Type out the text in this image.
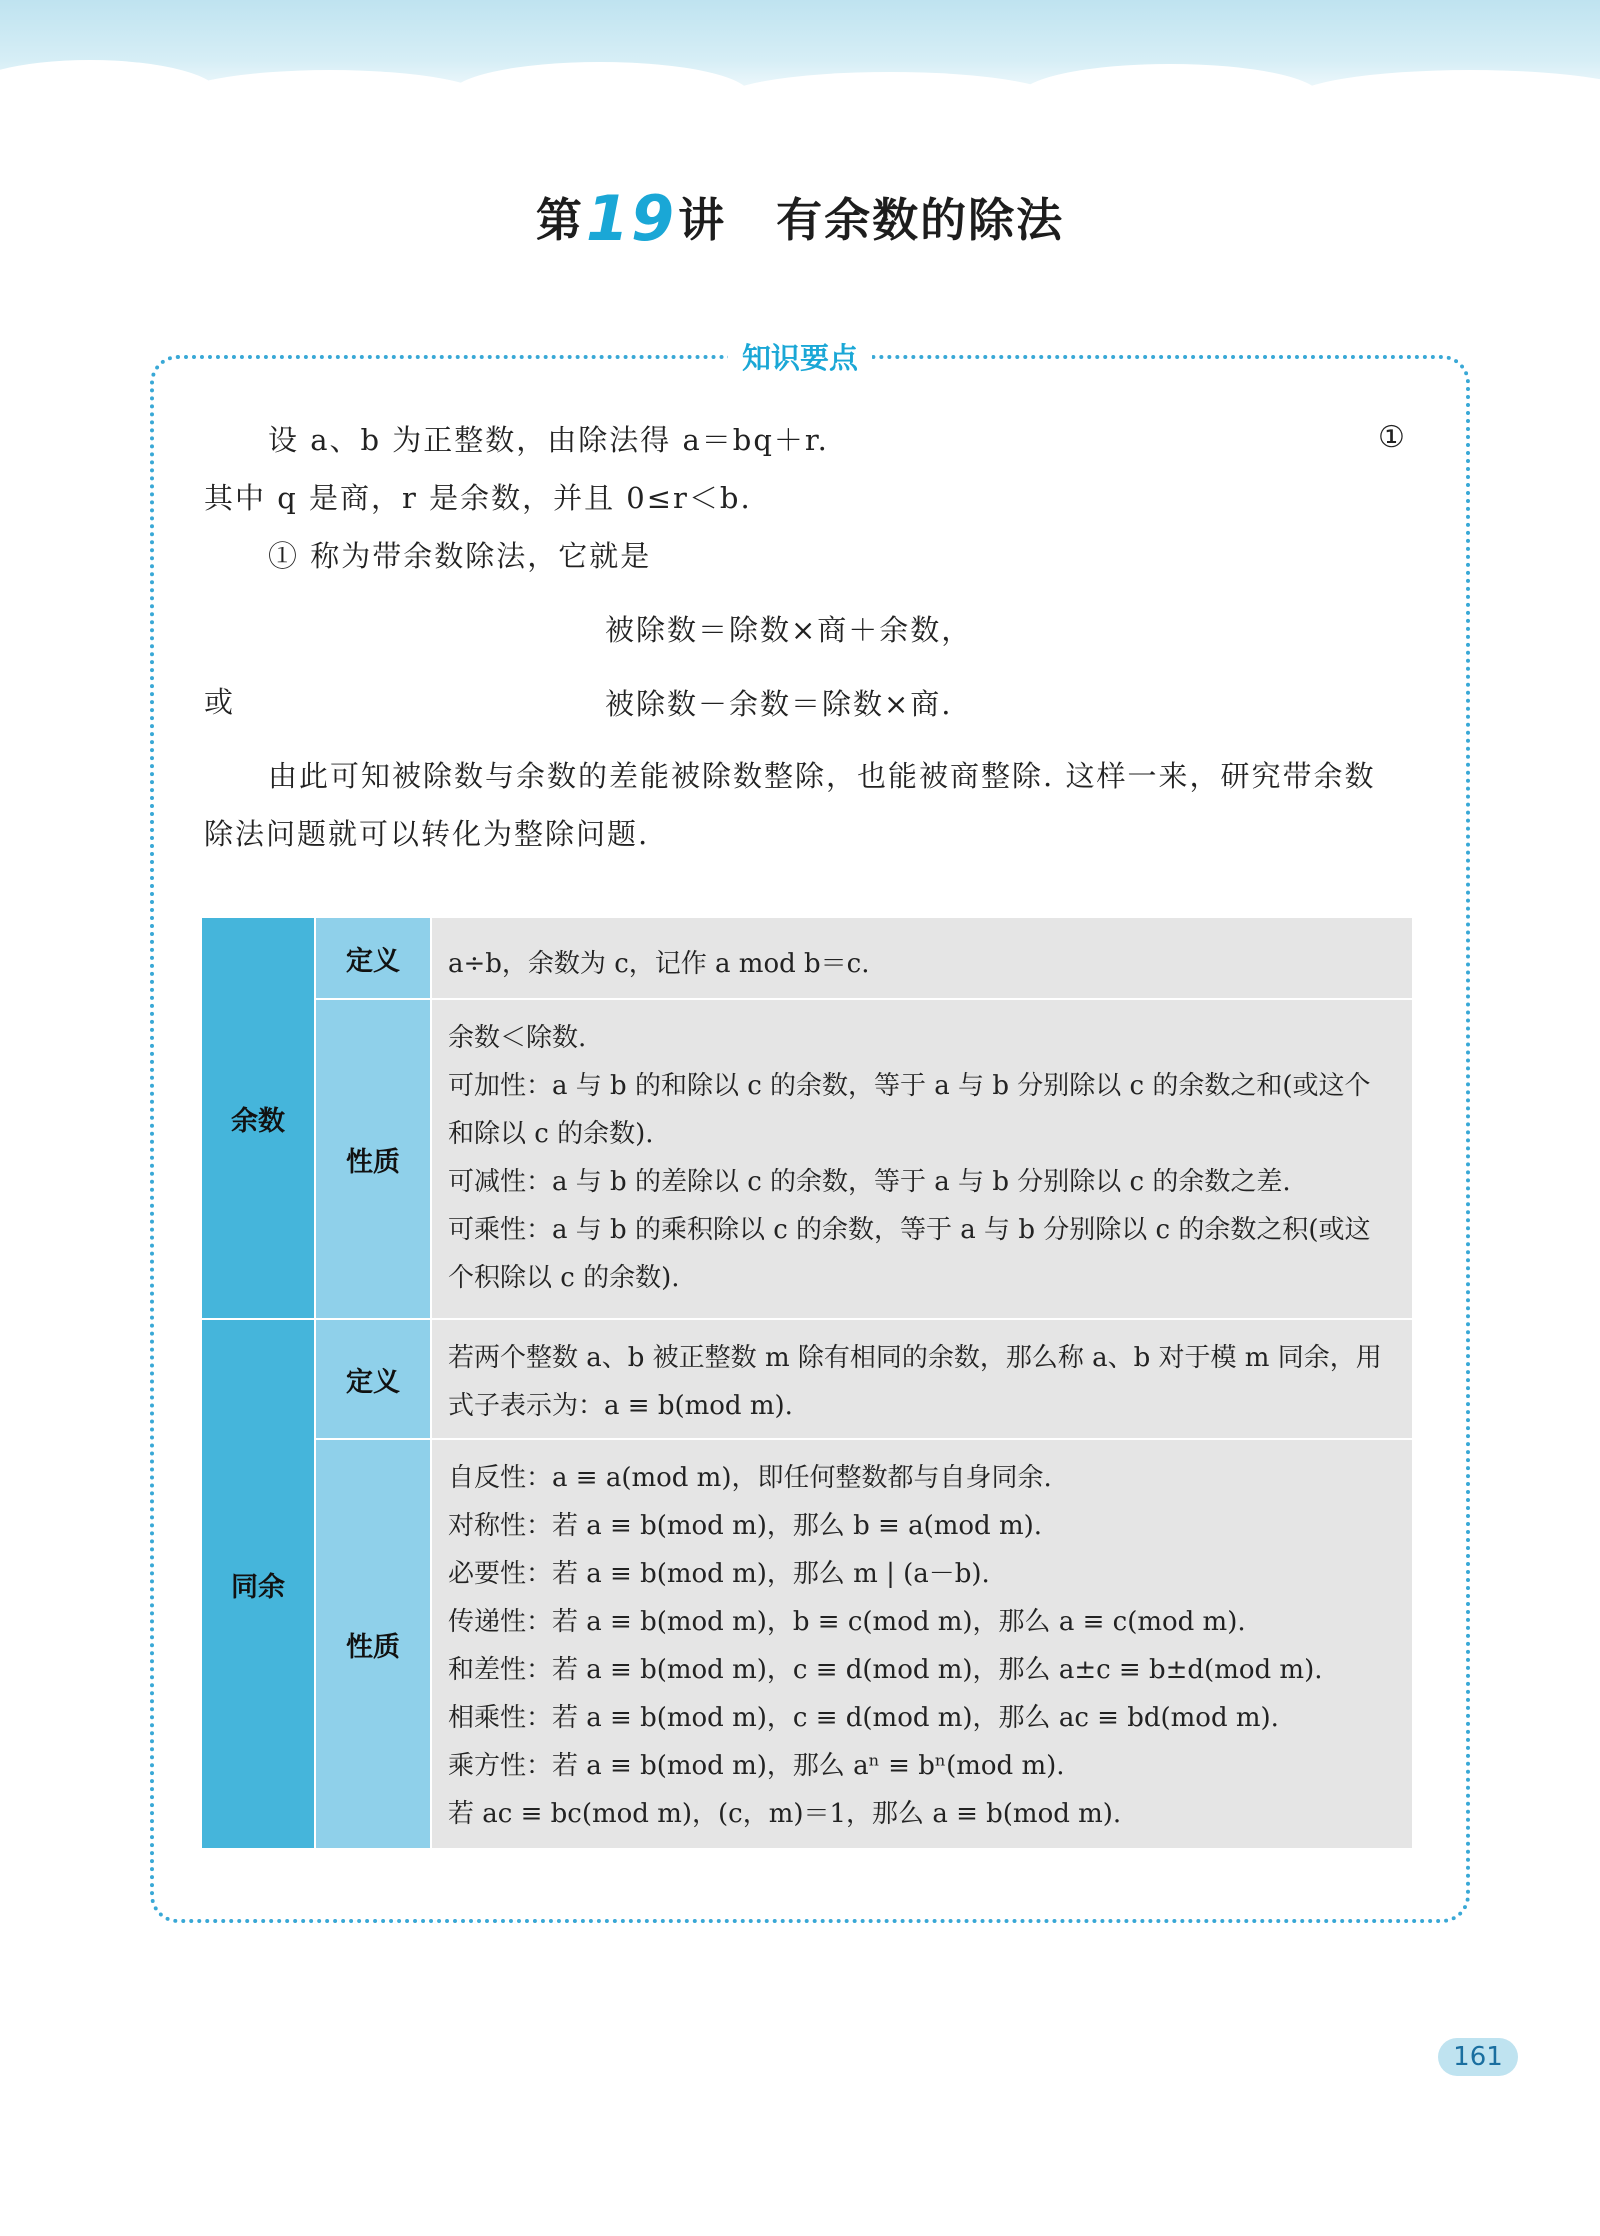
第19讲 有余数的除法
知识要点
设 a、b 为正整数，由除法得 a＝bq＋r.	①
其中 q 是商，r 是余数，并且 0≤r＜b.
① 称为带余数除法，它就是
被除数＝除数×商＋余数，
或	被除数－余数＝除数×商.
由此可知被除数与余数的差能被除数整除，也能被商整除. 这样一来，研究带余数
除法问题就可以转化为整除问题.
余数
定义 a÷b，余数为 c，记作 a mod b＝c.
性质
余数＜除数.
可加性：a 与 b 的和除以 c 的余数，等于 a 与 b 分别除以 c 的余数之和(或这个
和除以 c 的余数).
可减性：a 与 b 的差除以 c 的余数，等于 a 与 b 分别除以 c 的余数之差.
可乘性：a 与 b 的乘积除以 c 的余数，等于 a 与 b 分别除以 c 的余数之积(或这
个积除以 c 的余数).
同余
定义
若两个整数 a、b 被正整数 m 除有相同的余数，那么称 a、b 对于模 m 同余，用
式子表示为：a ≡ b(mod m).
性质
自反性：a ≡ a(mod m)，即任何整数都与自身同余.
对称性：若 a ≡ b(mod m)，那么 b ≡ a(mod m).
必要性：若 a ≡ b(mod m)，那么 m | (a－b).
传递性：若 a ≡ b(mod m)，b ≡ c(mod m)，那么 a ≡ c(mod m).
和差性：若 a ≡ b(mod m)，c ≡ d(mod m)，那么 a±c ≡ b±d(mod m).
相乘性：若 a ≡ b(mod m)，c ≡ d(mod m)，那么 ac ≡ bd(mod m).
乘方性：若 a ≡ b(mod m)，那么 aⁿ ≡ bⁿ(mod m).
若 ac ≡ bc(mod m)，(c，m)＝1，那么 a ≡ b(mod m).
161
